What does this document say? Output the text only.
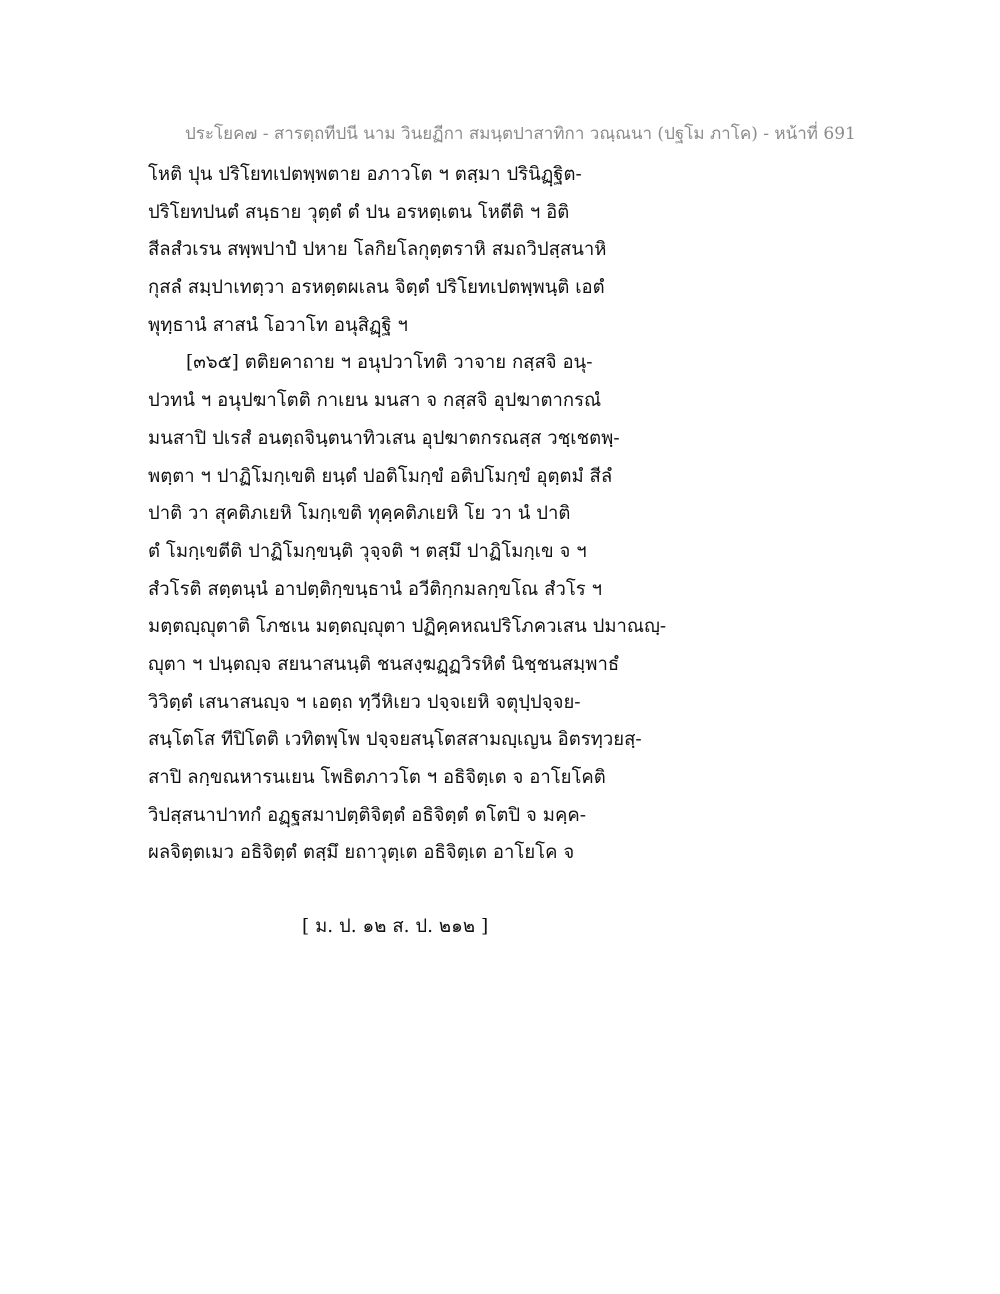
ประโยค๗ - สารตฺถทีปนี นาม วินยฏีกา สมนฺตปาสาทิกา วณฺณนา (ปฐโม ภาโค) - หน้าที่ 691
โหติ ปุน ปริโยทเปตพฺพตาย อภาวโต ฯ ตสฺมา ปรินิฏฺฐิต-
ปริโยทปนตํ สนฺธาย วุตฺตํ ตํ ปน อรหตฺเตน โหตีติ ฯ อิติ
สีลสํวเรน สพฺพปาปํ ปหาย โลกิยโลกุตฺตราหิ สมถวิปสฺสนาหิ
กุสลํ สมฺปาเทตฺวา อรหตฺตผเลน จิตฺตํ ปริโยทเปตพฺพนฺติ เอตํ
พุทฺธานํ สาสนํ โอวาโท อนุสิฏฺฐิ ฯ
[๓๖๕] ตติยคาถาย ฯ อนุปวาโทติ วาจาย กสฺสจิ อนุ-
ปวทนํ ฯ อนุปฆาโตติ กาเยน มนสา จ กสฺสจิ อุปฆาตากรณํ
มนสาปิ ปเรสํ อนตฺถจินฺตนาทิวเสน อุปฆาตกรณสฺส วชฺเชตพฺ-
พตฺตา ฯ ปาฏิโมกฺเขติ ยนฺตํ ปอติโมกฺขํ อติปโมกฺขํ อุตฺตมํ สีลํ
ปาติ วา สุคติภเยหิ โมกฺเขติ ทุคฺคติภเยหิ โย วา นํ ปาติ
ตํ โมกฺเขตีติ ปาฏิโมกฺขนฺติ วุจฺจติ ฯ ตสฺมึ ปาฏิโมกฺเข จ ฯ
สํวโรติ สตฺตนฺนํ อาปตฺติกฺขนฺธานํ อวีติกฺกมลกฺขโณ สํวโร ฯ
มตฺตญฺญุตาติ โภชเน มตฺตญฺญุตา ปฏิคฺคหณปริโภควเสน ปมาณญฺ-
ญุตา ฯ ปนฺตญฺจ สยนาสนนฺติ ชนสงฺฆฏฺฏวิรหิตํ นิชฺชนสมฺพาธํ
วิวิตฺตํ เสนาสนญฺจ ฯ เอตฺถ ทฺวีหิเยว ปจฺจเยหิ จตุปฺปจฺจย-
สนฺโตโส ทีปิโตติ เวทิตพฺโพ ปจฺจยสนฺโตสสามญฺเญน อิตรทฺวยสฺ-
สาปิ ลกฺขณหารนเยน โพธิตภาวโต ฯ อธิจิตฺเต จ อาโยโคติ
วิปสฺสนาปาทกํ อฏฺฐสมาปตฺติจิตฺตํ อธิจิตฺตํ ตโตปิ จ มคฺค-
ผลจิตฺตเมว อธิจิตฺตํ ตสฺมึ ยถาวุตฺเต อธิจิตฺเต อาโยโค จ
[ ม. ป. ๑๒ ส. ป. ๒๑๒ ]
